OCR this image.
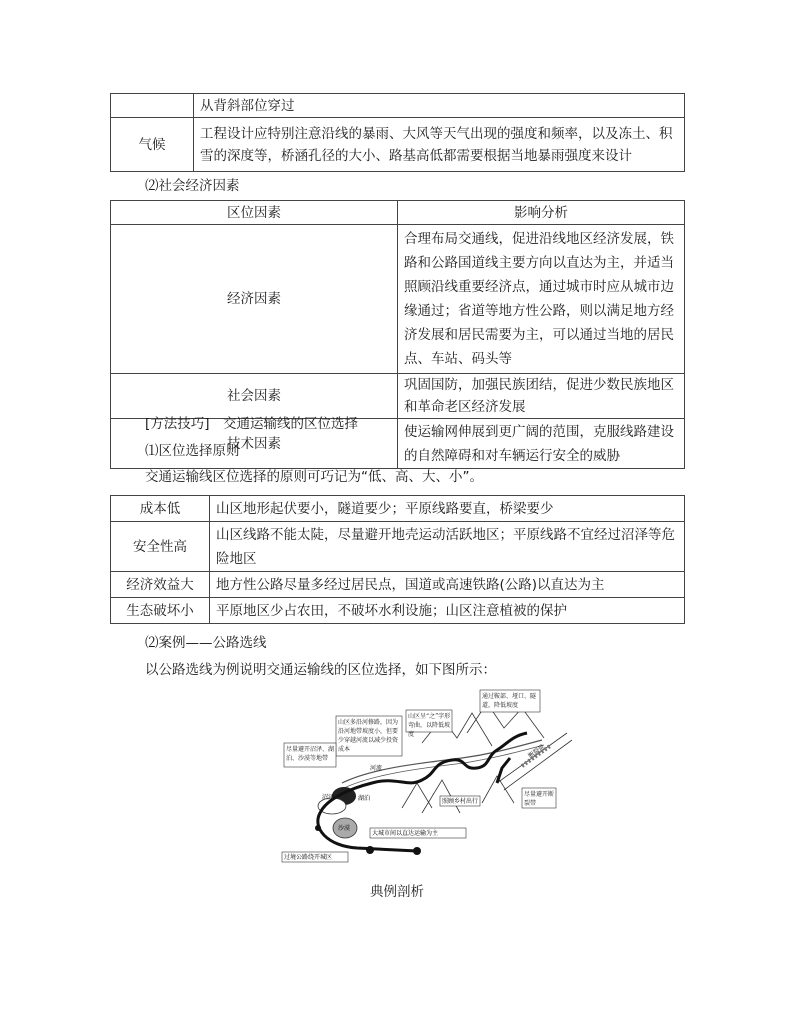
	从背斜部位穿过
气候	工程设计应特别注意沿线的暴雨、大风等天气出现的强度和频率，以及冻土、积雪的深度等，桥涵孔径的大小、路基高低都需要根据当地暴雨强度来设计
⑵社会经济因素
区位因素	影响分析
经济因素	合理布局交通线，促进沿线地区经济发展，铁路和公路国道线主要方向以直达为主，并适当照顾沿线重要经济点，通过城市时应从城市边缘通过；省道等地方性公路，则以满足地方经济发展和居民需要为主，可以通过当地的居民点、车站、码头等
社会因素	巩固国防，加强民族团结，促进少数民族地区和革命老区经济发展
技术因素	使运输网伸展到更广阔的范围，克服线路建设的自然障碍和对车辆运行安全的威胁
[方法技巧]　交通运输线的区位选择
⑴区位选择原则
交通运输线区位选择的原则可巧记为“低、高、大、小”。
成本低	山区地形起伏要小，隧道要少；平原线路要直，桥梁要少
安全性高	山区线路不能太陡，尽量避开地壳运动活跃地区；平原线路不宜经过沼泽等危险地区
经济效益大	地方性公路尽量多经过居民点，国道或高速铁路(公路)以直达为主
生态破坏小	平原地区少占农田，不破坏水利设施；山区注意植被的保护
⑵案例——公路选线
以公路选线为例说明交通运输线的区位选择，如下图所示：
通过鞍部、垭口、隧道，降低坡度
山区呈“之”字形弯曲，以降低坡度
山区多沿河修路，因为沿河地带坡度小，但要少穿越河流以减少投资成本
尽量避开沼泽、湖泊、沙漠等地带
河流
沼泽	湖泊
沙漠
照顾乡村出行
尽量避开断裂带
断裂带
大城市间以直达运输为主
过境公路绕开城区
典例剖析
